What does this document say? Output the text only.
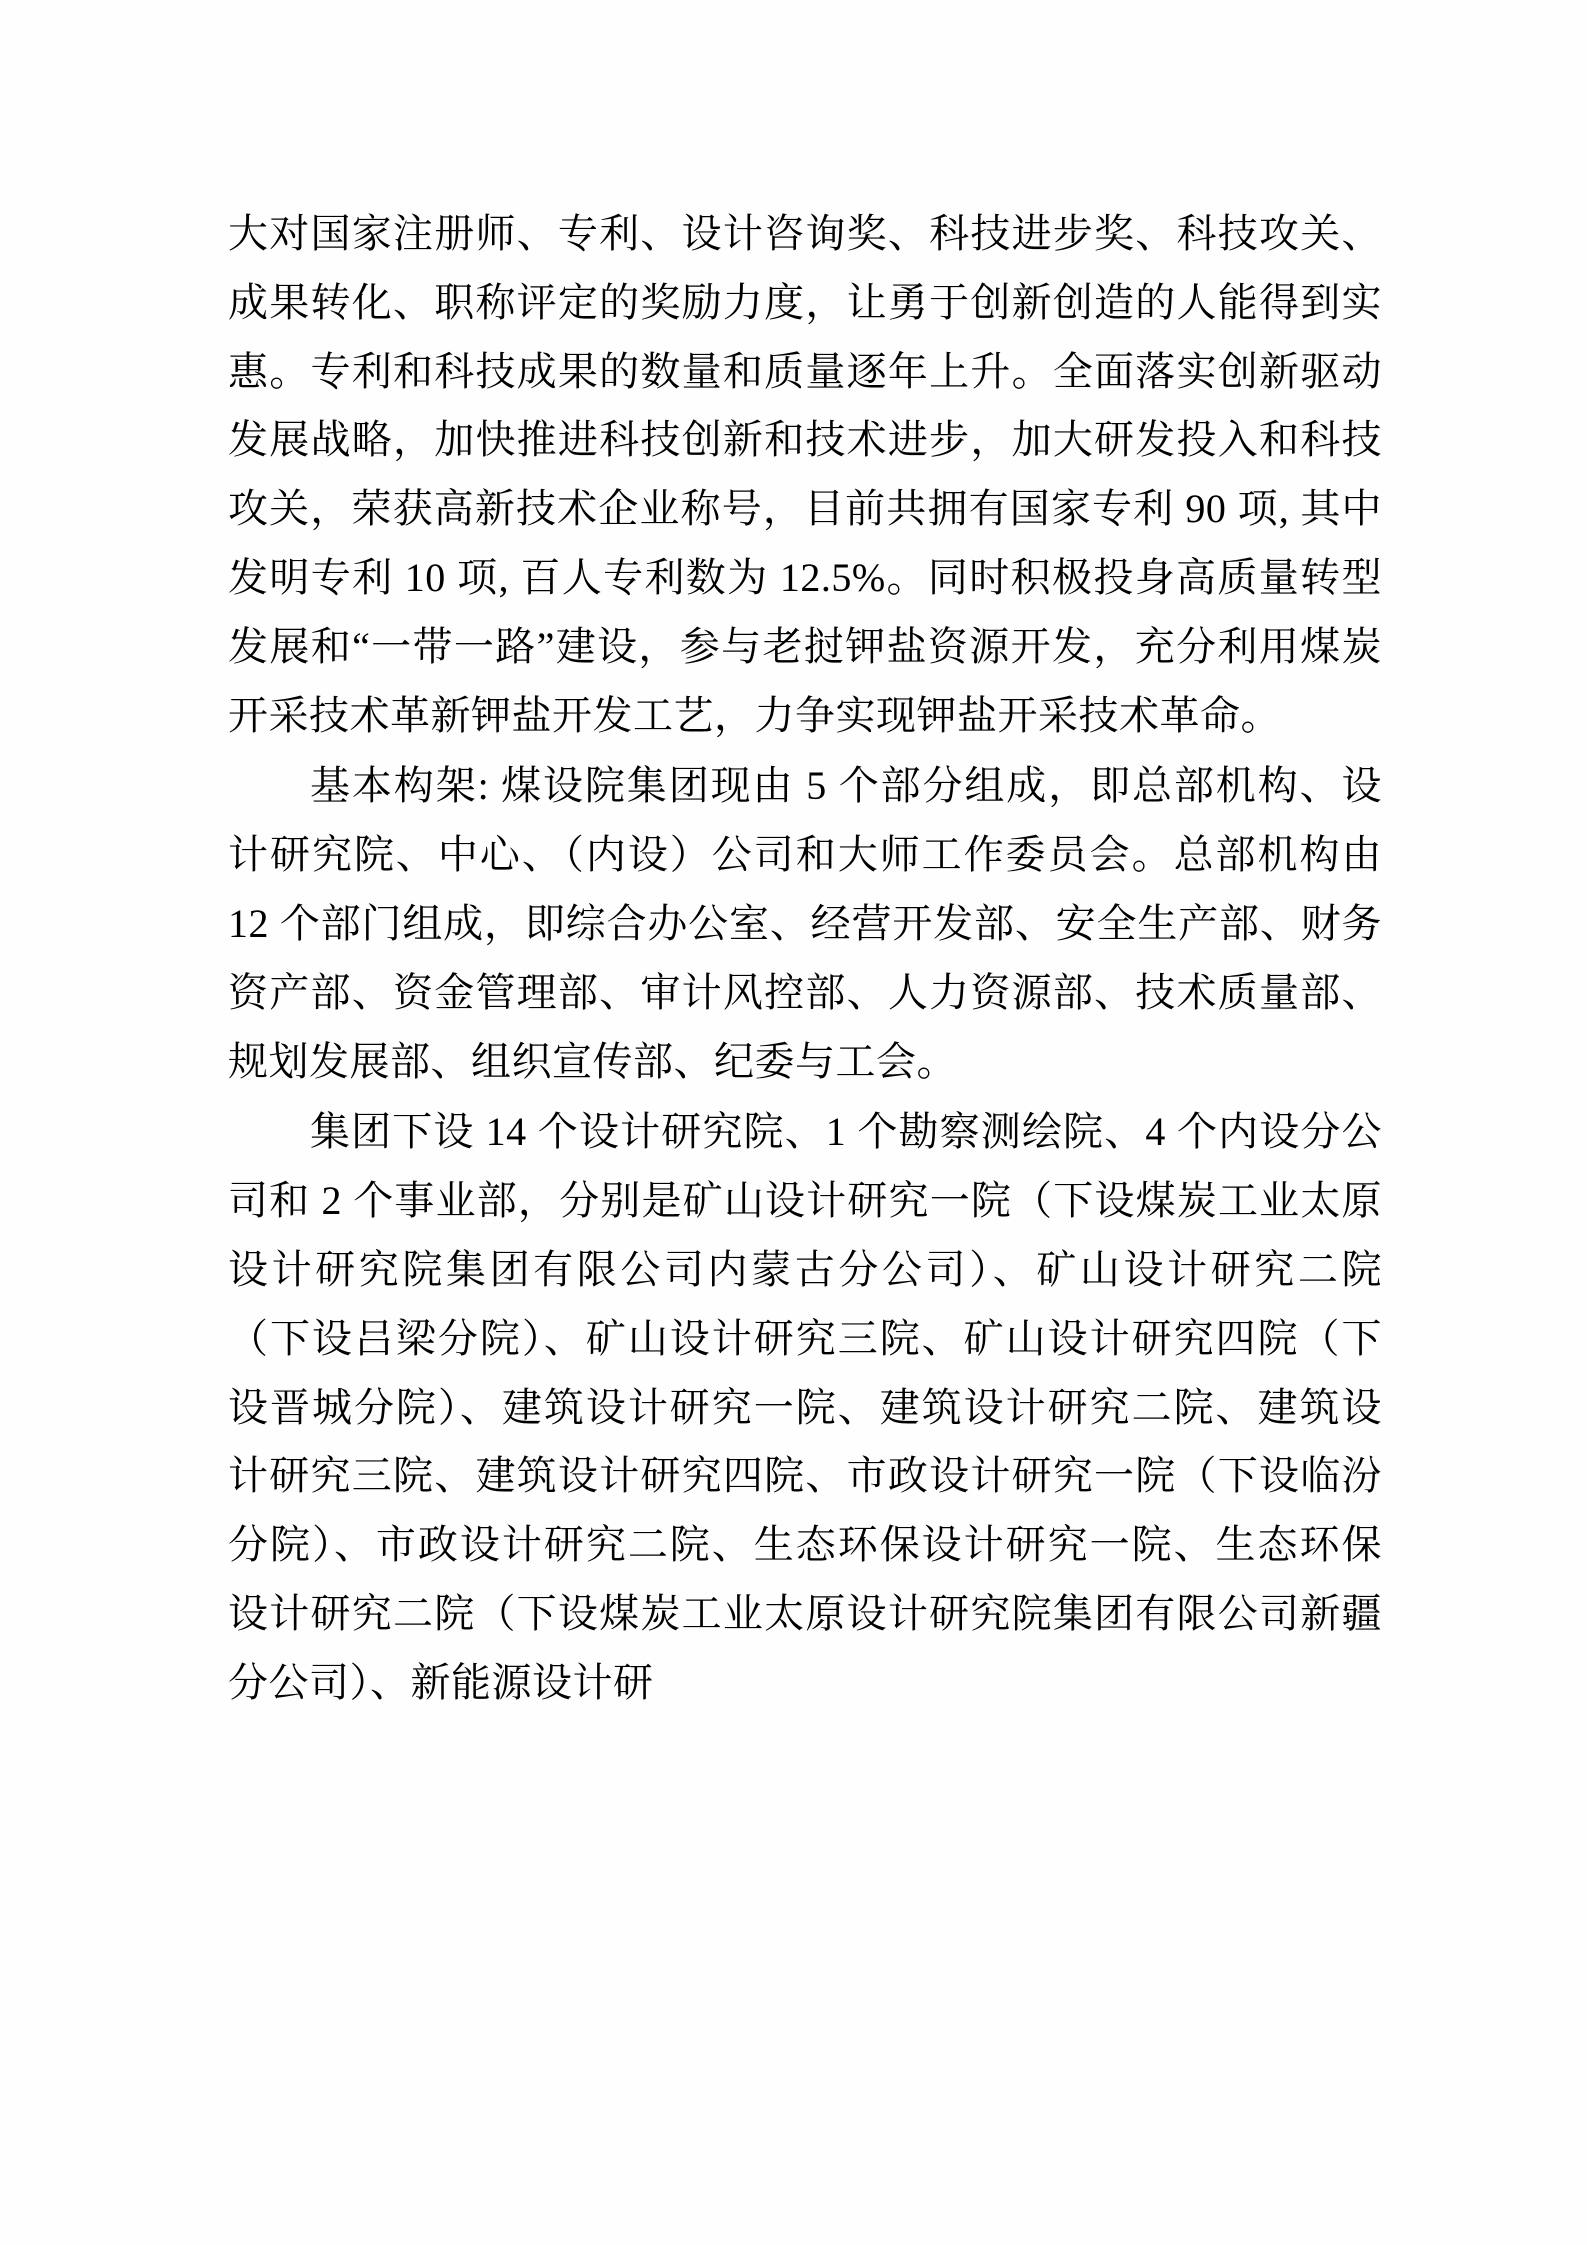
大对国家注册师、专利、设计咨询奖、科技进步奖、科技攻关、成果转化、职称评定的奖励力度，让勇于创新创造的人能得到实惠。专利和科技成果的数量和质量逐年上升。全面落实创新驱动发展战略，加快推进科技创新和技术进步，加大研发投入和科技攻关，荣获高新技术企业称号，目前共拥有国家专利 90 项, 其中发明专利 10 项, 百人专利数为 12.5%。同时积极投身高质量转型发展和“一带一路”建设，参与老挝钾盐资源开发，充分利用煤炭开采技术革新钾盐开发工艺，力争实现钾盐开采技术革命。

基本构架: 煤设院集团现由 5 个部分组成，即总部机构、设计研究院、中心、（内设）公司和大师工作委员会。总部机构由 12 个部门组成，即综合办公室、经营开发部、安全生产部、财务资产部、资金管理部、审计风控部、人力资源部、技术质量部、规划发展部、组织宣传部、纪委与工会。

集团下设 14 个设计研究院、1 个勘察测绘院、4 个内设分公司和 2 个事业部，分别是矿山设计研究一院（下设煤炭工业太原设计研究院集团有限公司内蒙古分公司）、矿山设计研究二院（下设吕梁分院）、矿山设计研究三院、矿山设计研究四院（下设晋城分院）、建筑设计研究一院、建筑设计研究二院、建筑设计研究三院、建筑设计研究四院、市政设计研究一院（下设临汾分院）、市政设计研究二院、生态环保设计研究一院、生态环保设计研究二院（下设煤炭工业太原设计研究院集团有限公司新疆分公司）、新能源设计研
